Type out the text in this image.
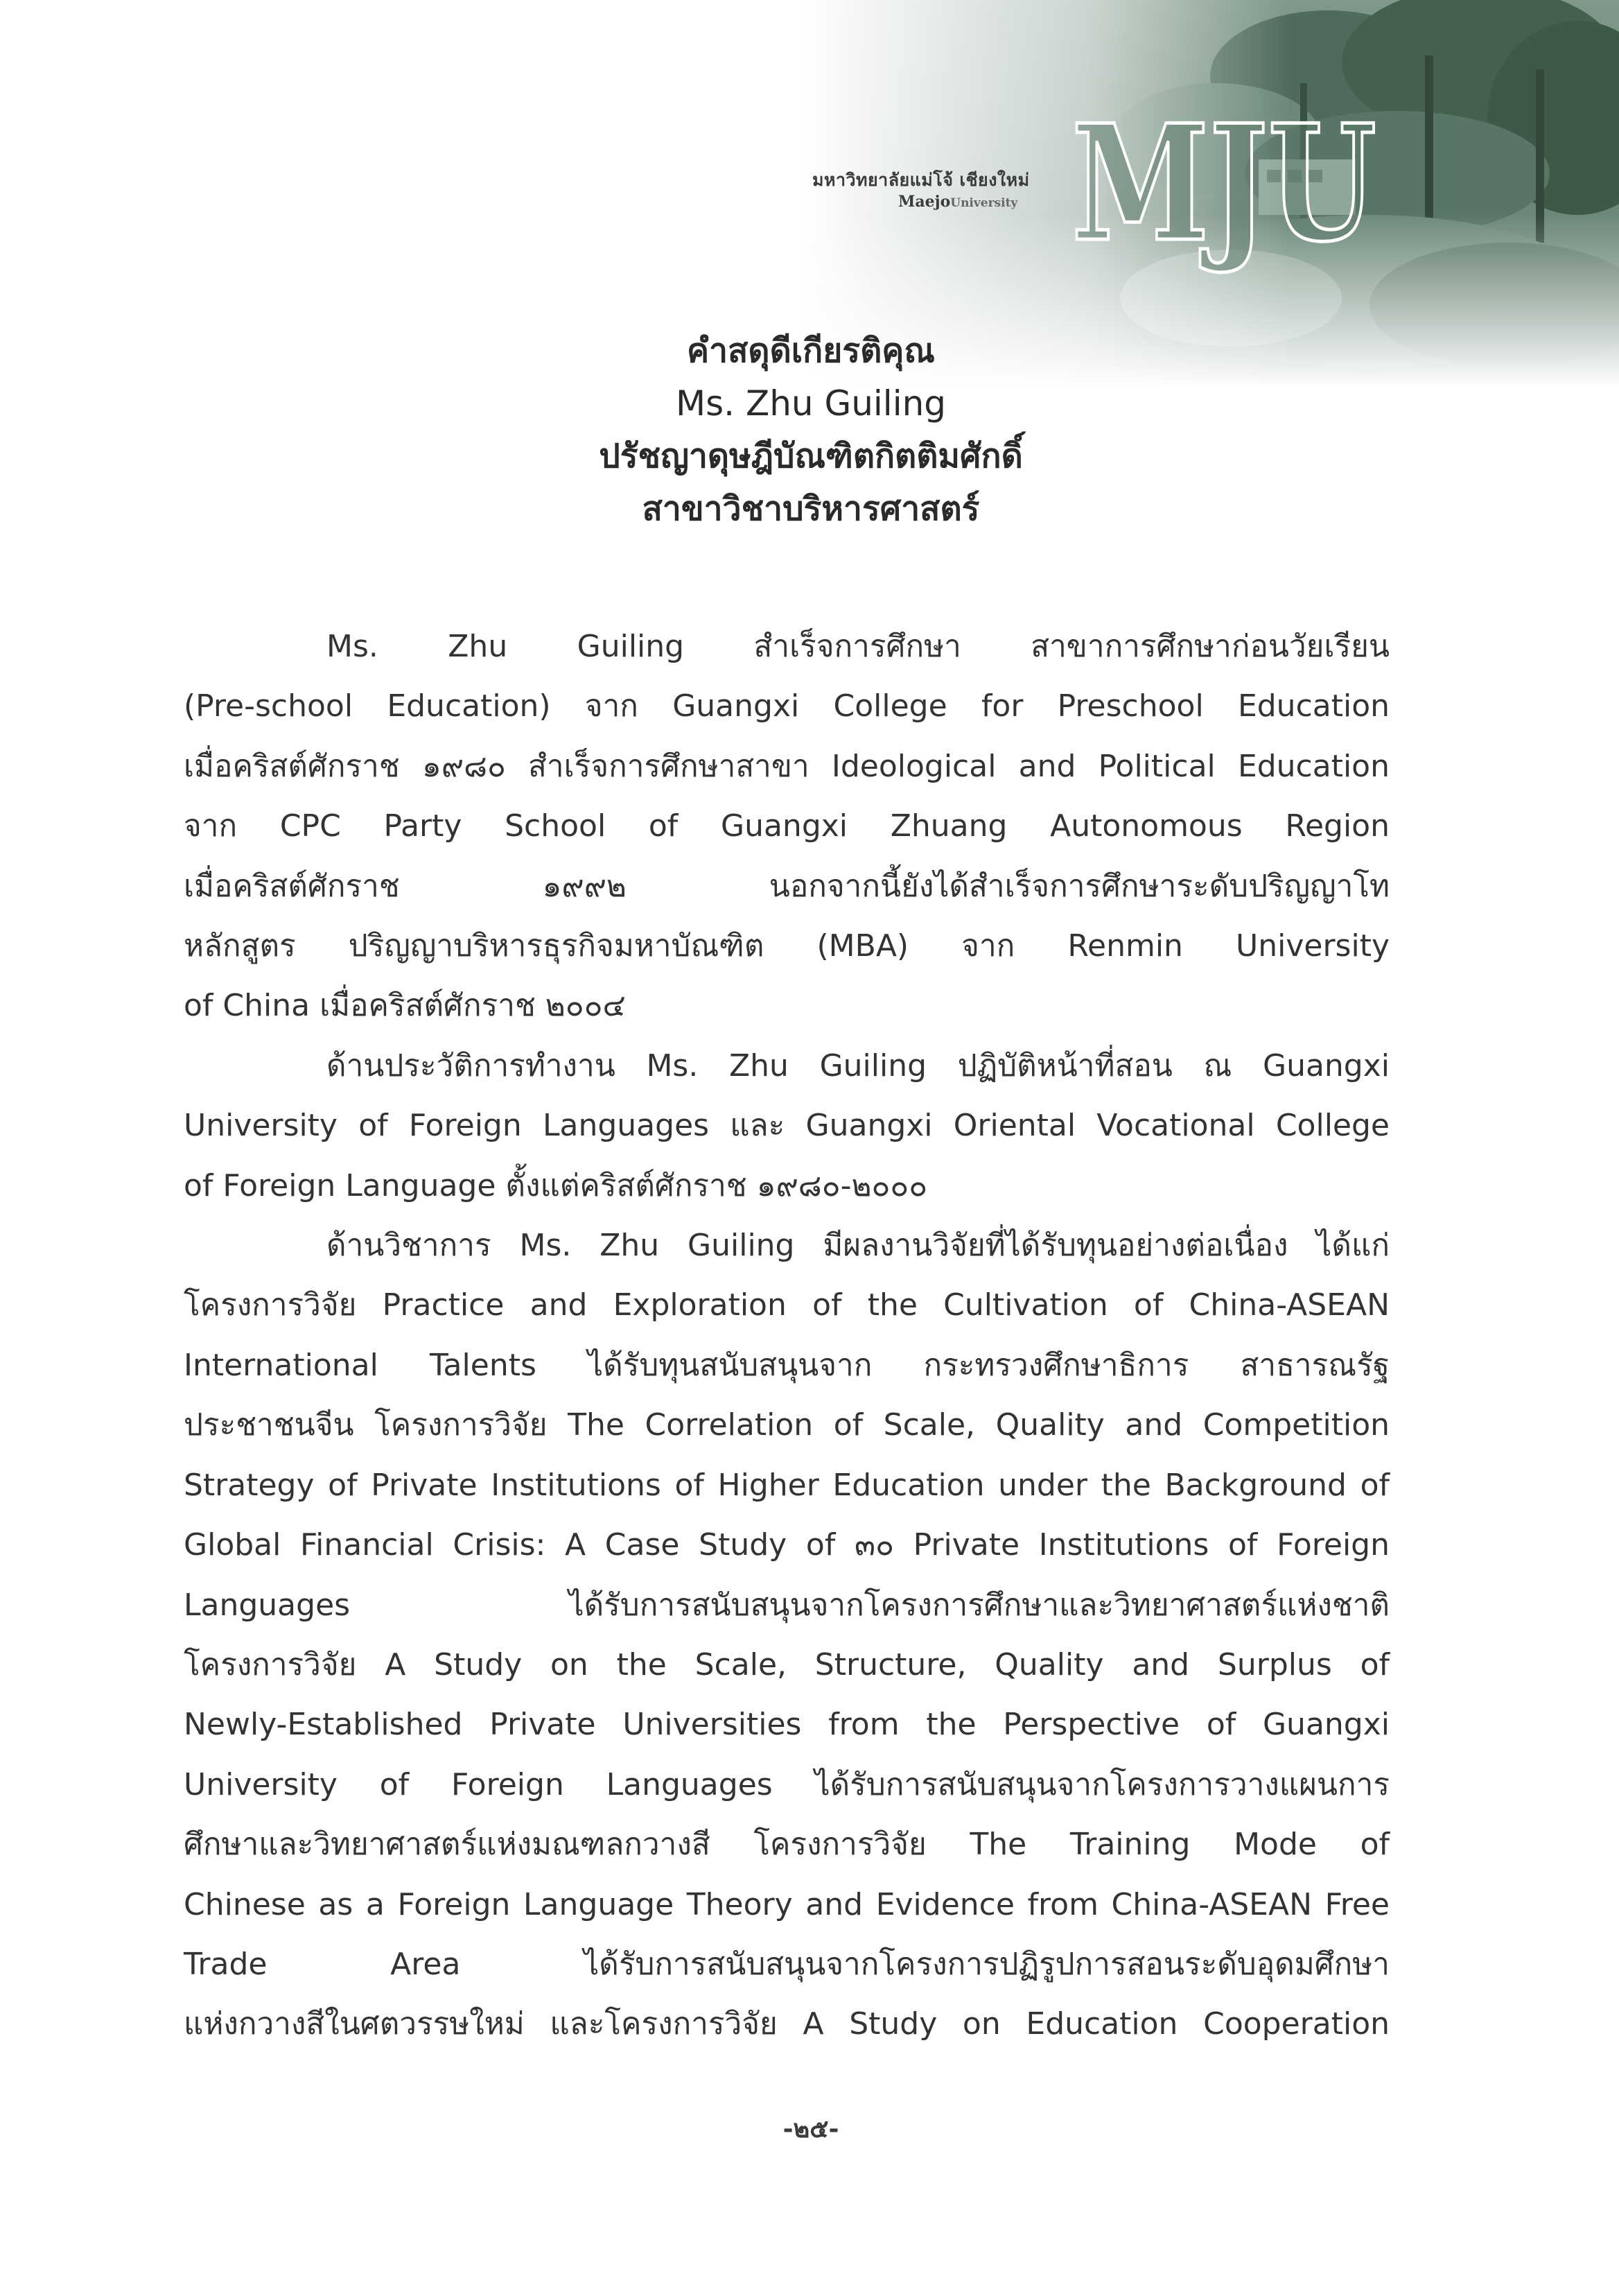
มหาวิทยาลัยแม่โจ้ เชียงใหม่
MaejoUniversity MJU
คำสดุดีเกียรติคุณ
Ms. Zhu Guiling
ปรัชญาดุษฎีบัณฑิตกิตติมศักดิ์
สาขาวิชาบริหารศาสตร์
Ms. Zhu Guiling สำเร็จการศึกษา สาขาการศึกษาก่อนวัยเรียน
(Pre-school Education) จาก Guangxi College for Preschool Education
เมื่อคริสต์ศักราช ๑๙๘๐ สำเร็จการศึกษาสาขา Ideological and Political Education
จาก CPC Party School of Guangxi Zhuang Autonomous Region
เมื่อคริสต์ศักราช ๑๙๙๒ นอกจากนี้ยังได้สำเร็จการศึกษาระดับปริญญาโท
หลักสูตร ปริญญาบริหารธุรกิจมหาบัณฑิต (MBA) จาก Renmin University
of China เมื่อคริสต์ศักราช ๒๐๐๔
ด้านประวัติการทำงาน Ms. Zhu Guiling ปฏิบัติหน้าที่สอน ณ Guangxi
University of Foreign Languages และ Guangxi Oriental Vocational College
of Foreign Language ตั้งแต่คริสต์ศักราช ๑๙๘๐-๒๐๐๐
ด้านวิชาการ Ms. Zhu Guiling มีผลงานวิจัยที่ได้รับทุนอย่างต่อเนื่อง ได้แก่
โครงการวิจัย Practice and Exploration of the Cultivation of China-ASEAN
International Talents ได้รับทุนสนับสนุนจาก กระทรวงศึกษาธิการ สาธารณรัฐ
ประชาชนจีน โครงการวิจัย The Correlation of Scale, Quality and Competition
Strategy of Private Institutions of Higher Education under the Background of
Global Financial Crisis: A Case Study of ๓๐ Private Institutions of Foreign
Languages ได้รับการสนับสนุนจากโครงการศึกษาและวิทยาศาสตร์แห่งชาติ
โครงการวิจัย A Study on the Scale, Structure, Quality and Surplus of
Newly-Established Private Universities from the Perspective of Guangxi
University of Foreign Languages ได้รับการสนับสนุนจากโครงการวางแผนการ
ศึกษาและวิทยาศาสตร์แห่งมณฑลกวางสี โครงการวิจัย The Training Mode of
Chinese as a Foreign Language Theory and Evidence from China-ASEAN Free
Trade Area ได้รับการสนับสนุนจากโครงการปฏิรูปการสอนระดับอุดมศึกษา
แห่งกวางสีในศตวรรษใหม่ และโครงการวิจัย A Study on Education Cooperation
-๒๕-
